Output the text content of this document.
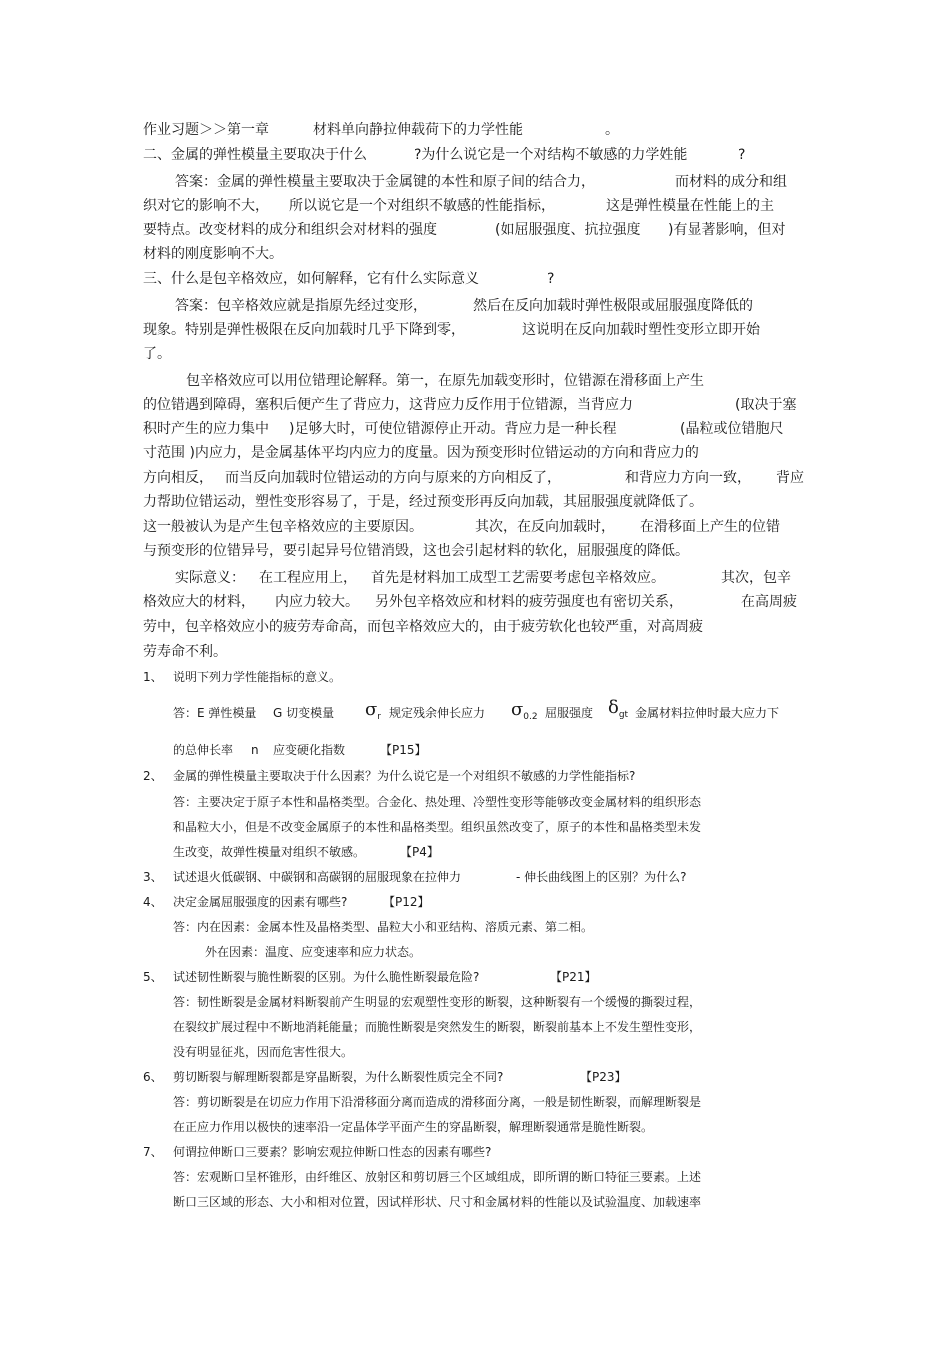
作业习题＞＞第一章	材料单向静拉伸载荷下的力学性能	。
二、金属的弹性模量主要取决于什么	?为什么说它是一个对结构不敏感的力学姓能	?
答案：金属的弹性模量主要取决于金属键的本性和原子间的结合力，	而材料的成分和组
织对它的影响不大， 所以说它是一个对组织不敏感的性能指标，	这是弹性模量在性能上的主
要特点。改变材料的成分和组织会对材料的强度	(如屈服强度、抗拉强度 )有显著影响，但对
材料的刚度影响不大。
三、什么是包辛格效应，如何解释，它有什么实际意义	?
答案：包辛格效应就是指原先经过变形，	然后在反向加载时弹性极限或屈服强度降低的
现象。特别是弹性极限在反向加载时几乎下降到零，	这说明在反向加载时塑性变形立即开始
了。
包辛格效应可以用位错理论解释。第一，在原先加载变形时，位错源在滑移面上产生
的位错遇到障碍，塞积后便产生了背应力，这背应力反作用于位错源，当背应力	(取决于塞
积时产生的应力集中 )足够大时，可使位错源停止开动。背应力是一种长程	(晶粒或位错胞尺
寸范围 )内应力，是金属基体平均内应力的度量。因为预变形时位错运动的方向和背应力的
方向相反， 而当反向加载时位错运动的方向与原来的方向相反了，	和背应力方向一致， 背应
力帮助位错运动，塑性变形容易了，于是，经过预变形再反向加载，其屈服强度就降低了。
这一般被认为是产生包辛格效应的主要原因。	其次，在反向加载时， 在滑移面上产生的位错
与预变形的位错异号，要引起异号位错消毁，这也会引起材料的软化，屈服强度的降低。
实际意义： 在工程应用上， 首先是材料加工成型工艺需要考虑包辛格效应。	其次，包辛
格效应大的材料， 内应力较大。 另外包辛格效应和材料的疲劳强度也有密切关系，	在高周疲
劳中，包辛格效应小的疲劳寿命高，而包辛格效应大的，由于疲劳软化也较严重，对高周疲
劳寿命不利。
1、 说明下列力学性能指标的意义。
答：E 弹性模量 G 切变模量 $\sigma_r$ 规定残余伸长应力 $\sigma_{0.2}$ 屈服强度 $\delta_{gt}$ 金属材料拉伸时最大应力下
的总伸长率 n 应变硬化指数	【P15】
2、 金属的弹性模量主要取决于什么因素？为什么说它是一个对组织不敏感的力学性能指标?
答：主要决定于原子本性和晶格类型。合金化、热处理、冷塑性变形等能够改变金属材料的组织形态
和晶粒大小，但是不改变金属原子的本性和晶格类型。组织虽然改变了，原子的本性和晶格类型未发
生改变，故弹性模量对组织不敏感。	【P4】
3、 试述退火低碳钢、中碳钢和高碳钢的屈服现象在拉伸力	- 伸长曲线图上的区别？为什么?
4、 决定金属屈服强度的因素有哪些?	【P12】
答：内在因素：金属本性及晶格类型、晶粒大小和亚结构、溶质元素、第二相。
外在因素：温度、应变速率和应力状态。
5、 试述韧性断裂与脆性断裂的区别。为什么脆性断裂最危险?	【P21】
答：韧性断裂是金属材料断裂前产生明显的宏观塑性变形的断裂，这种断裂有一个缓慢的撕裂过程，
在裂纹扩展过程中不断地消耗能量；而脆性断裂是突然发生的断裂，断裂前基本上不发生塑性变形，
没有明显征兆，因而危害性很大。
6、 剪切断裂与解理断裂都是穿晶断裂，为什么断裂性质完全不同?	【P23】
答：剪切断裂是在切应力作用下沿滑移面分离而造成的滑移面分离，一般是韧性断裂，而解理断裂是
在正应力作用以极快的速率沿一定晶体学平面产生的穿晶断裂，解理断裂通常是脆性断裂。
7、 何谓拉伸断口三要素？影响宏观拉伸断口性态的因素有哪些?
答：宏观断口呈杯锥形，由纤维区、放射区和剪切唇三个区域组成，即所谓的断口特征三要素。上述
断口三区域的形态、大小和相对位置，因试样形状、尺寸和金属材料的性能以及试验温度、加载速率
